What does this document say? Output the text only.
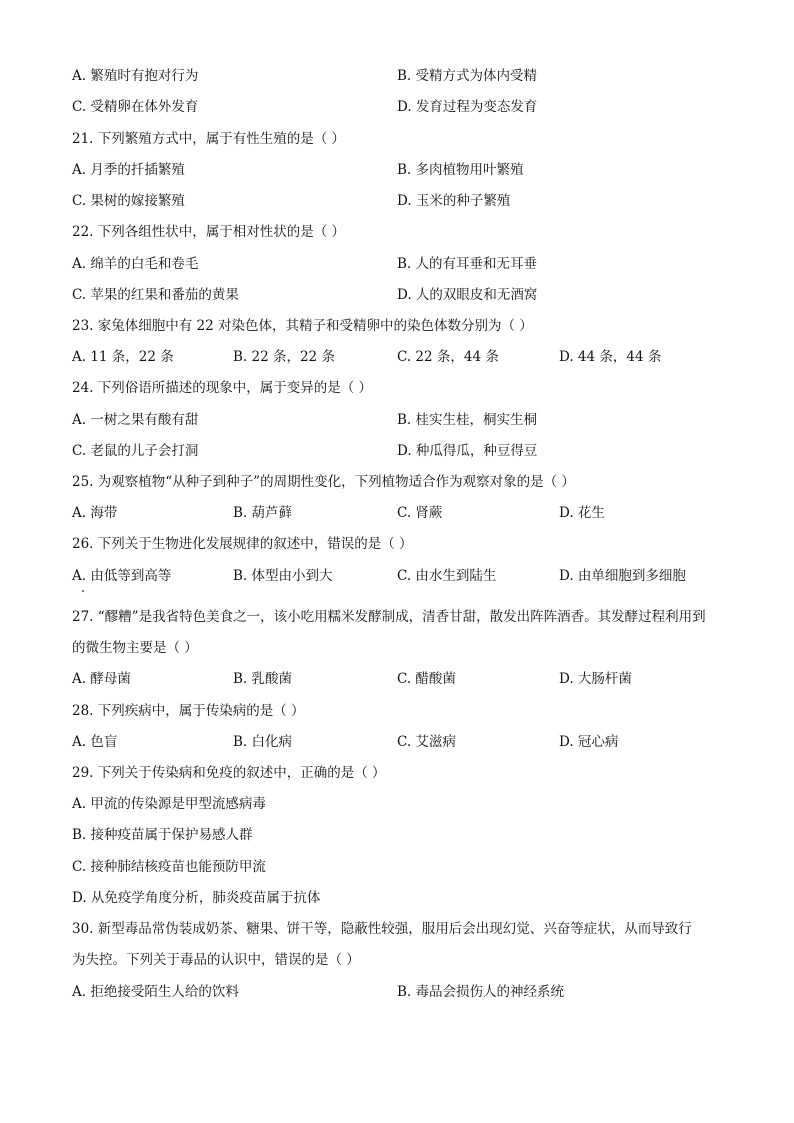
A. 繁殖时有抱对行为	B. 受精方式为体内受精
C. 受精卵在体外发育	D. 发育过程为变态发育
21. 下列繁殖方式中，属于有性生殖的是（ ）
A. 月季的扦插繁殖	B. 多肉植物用叶繁殖
C. 果树的嫁接繁殖	D. 玉米的种子繁殖
22. 下列各组性状中，属于相对性状的是（ ）
A. 绵羊的白毛和卷毛	B. 人的有耳垂和无耳垂
C. 苹果的红果和番茄的黄果	D. 人的双眼皮和无酒窝
23. 家兔体细胞中有 22 对染色体，其精子和受精卵中的染色体数分别为（ ）
A. 11 条，22 条	B. 22 条，22 条	C. 22 条，44 条	D. 44 条，44 条
24. 下列俗语所描述的现象中，属于变异的是（ ）
A. 一树之果有酸有甜	B. 桂实生桂，桐实生桐
C. 老鼠的儿子会打洞	D. 种瓜得瓜，种豆得豆
25. 为观察植物“从种子到种子”的周期性变化，下列植物适合作为观察对象的是（ ）
A. 海带	B. 葫芦藓	C. 肾蕨	D. 花生
26. 下列关于生物进化发展规律的叙述中，错误的是（ ）
A. 由低等到高等	B. 体型由小到大	C. 由水生到陆生	D. 由单细胞到多细胞
27. “醪糟”是我省特色美食之一，该小吃用糯米发酵制成，清香甘甜，散发出阵阵酒香。其发酵过程利用到
的微生物主要是（ ）
A. 酵母菌	B. 乳酸菌	C. 醋酸菌	D. 大肠杆菌
28. 下列疾病中，属于传染病的是（ ）
A. 色盲	B. 白化病	C. 艾滋病	D. 冠心病
29. 下列关于传染病和免疫的叙述中，正确的是（ ）
A. 甲流的传染源是甲型流感病毒
B. 接种疫苗属于保护易感人群
C. 接种肺结核疫苗也能预防甲流
D. 从免疫学角度分析，肺炎疫苗属于抗体
30. 新型毒品常伪装成奶茶、糖果、饼干等，隐蔽性较强，服用后会出现幻觉、兴奋等症状，从而导致行
为失控。下列关于毒品的认识中，错误的是（ ）
A. 拒绝接受陌生人给的饮料	B. 毒品会损伤人的神经系统
